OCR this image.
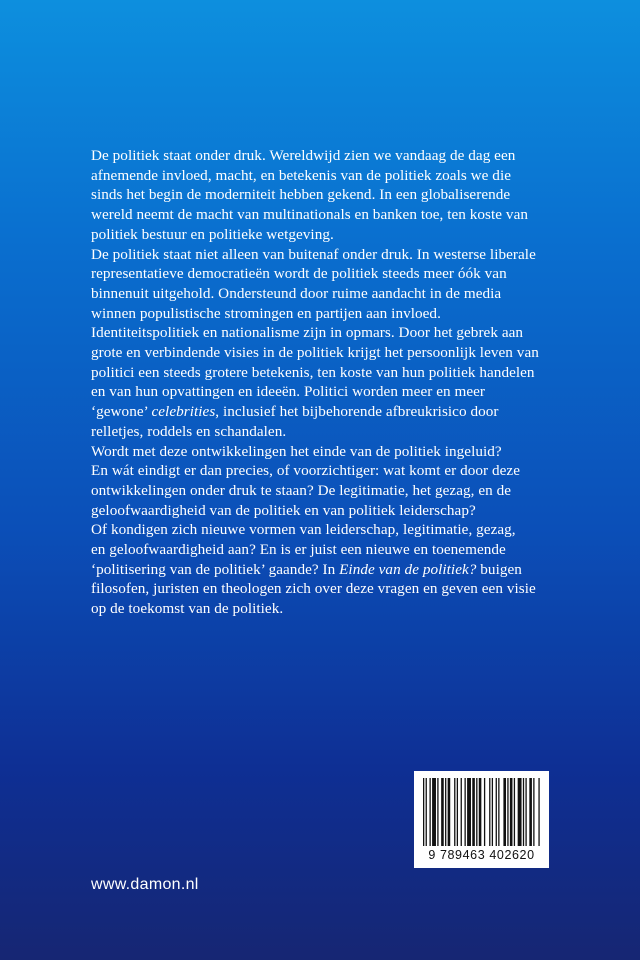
De politiek staat onder druk. Wereldwijd zien we vandaag de dag een
afnemende invloed, macht, en betekenis van de politiek zoals we die
sinds het begin de moderniteit hebben gekend. In een globaliserende
wereld neemt de macht van multinationals en banken toe, ten koste van
politiek bestuur en politieke wetgeving.

De politiek staat niet alleen van buitenaf onder druk. In westerse liberale
representatieve democratieën wordt de politiek steeds meer óók van
binnenuit uitgehold. Ondersteund door ruime aandacht in de media
winnen populistische stromingen en partijen aan invloed.
Identiteitspolitiek en nationalisme zijn in opmars. Door het gebrek aan
grote en verbindende visies in de politiek krijgt het persoonlijk leven van
politici een steeds grotere betekenis, ten koste van hun politiek handelen
en van hun opvattingen en ideeën. Politici worden meer en meer
‘gewone’ celebrities, inclusief het bijbehorende afbreukrisico door
relletjes, roddels en schandalen.

Wordt met deze ontwikkelingen het einde van de politiek ingeluid?
En wát eindigt er dan precies, of voorzichtiger: wat komt er door deze
ontwikkelingen onder druk te staan? De legitimatie, het gezag, en de
geloofwaardigheid van de politiek en van politiek leiderschap?
Of kondigen zich nieuwe vormen van leiderschap, legitimatie, gezag,
en geloofwaardigheid aan? En is er juist een nieuwe en toenemende
‘politisering van de politiek’ gaande? In Einde van de politiek? buigen
filosofen, juristen en theologen zich over deze vragen en geven een visie
op de toekomst van de politiek.

www.damon.nl
9 789463 402620
